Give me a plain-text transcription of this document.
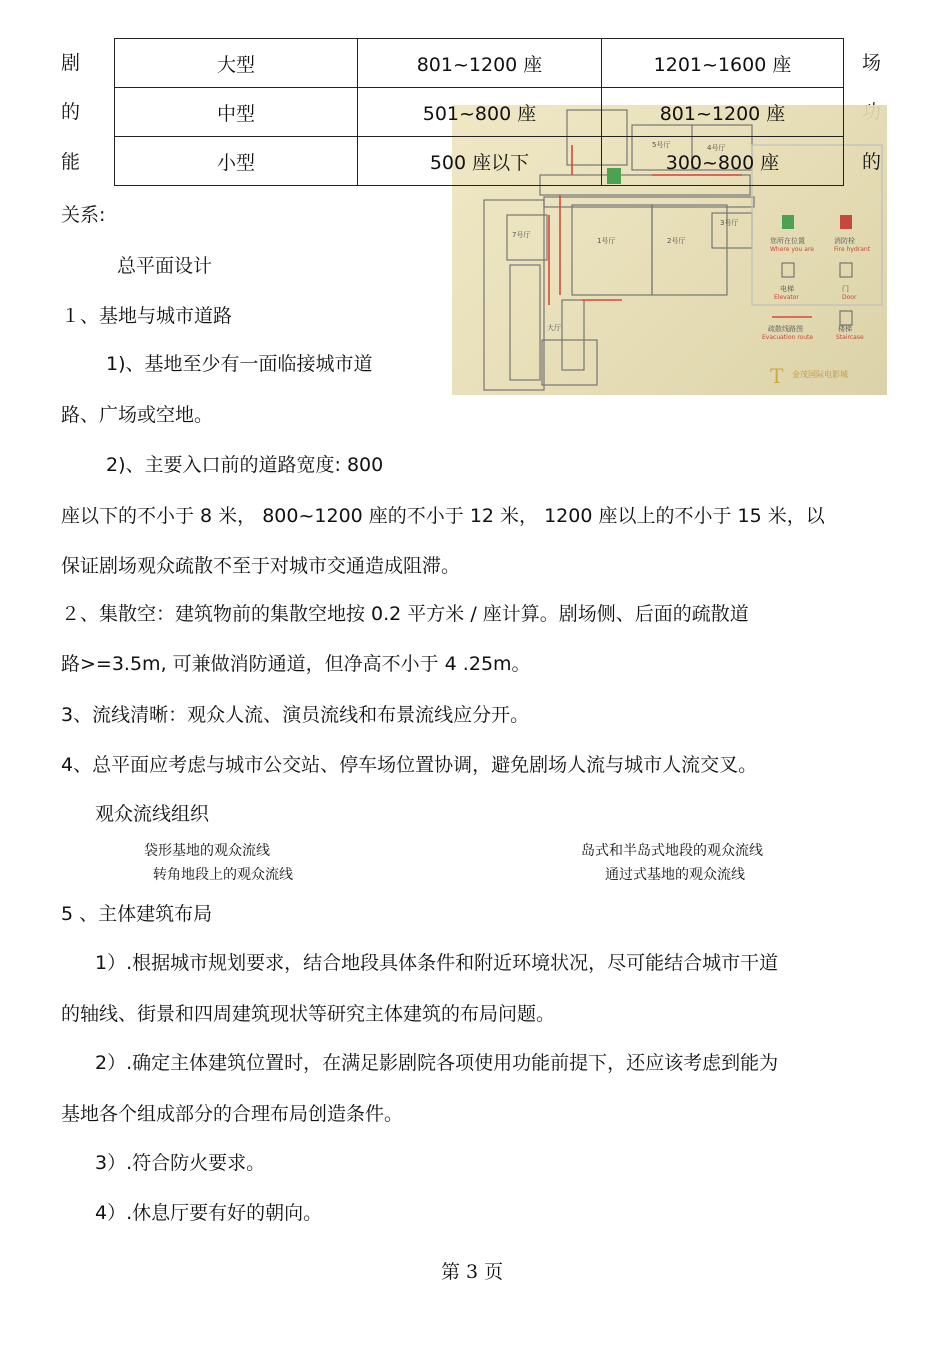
剧
的
能
场
5号厅	4号厅
7号厅
1号厅	2号厅
3号厅
大厅
您所在位置	消防栓
Where you are	Fire hydrant
电梯	门
Elevator	Door
疏散线路图	楼梯
Evacuation route	Staircase
金茂国际电影城
T
大型	801~1200 座	1201~1600 座
中型	501~800 座	801~1200 座
小型	500 座以下	300~800 座	的
关系:
总平面设计
１、基地与城市道路
1)、基地至少有一面临接城市道
路、广场或空地。
2)、主要入口前的道路宽度: 800
座以下的不小于 8 米， 800~1200 座的不小于 12 米， 1200 座以上的不小于 15 米，以
保证剧场观众疏散不至于对城市交通造成阻滞。
２、集散空：建筑物前的集散空地按 0.2 平方米 / 座计算。剧场侧、后面的疏散道
路>=3.5m, 可兼做消防通道，但净高不小于 4 .25m。
3、流线清晰：观众人流、演员流线和布景流线应分开。
4、总平面应考虑与城市公交站、停车场位置协调，避免剧场人流与城市人流交叉。
观众流线组织
袋形基地的观众流线
转角地段上的观众流线
岛式和半岛式地段的观众流线
通过式基地的观众流线
5 、主体建筑布局
1）.根据城市规划要求，结合地段具体条件和附近环境状况，尽可能结合城市干道
的轴线、街景和四周建筑现状等研究主体建筑的布局问题。
2）.确定主体建筑位置时，在满足影剧院各项使用功能前提下，还应该考虑到能为
基地各个组成部分的合理布局创造条件。
3）.符合防火要求。
4）.休息厅要有好的朝向。
第 3 页
